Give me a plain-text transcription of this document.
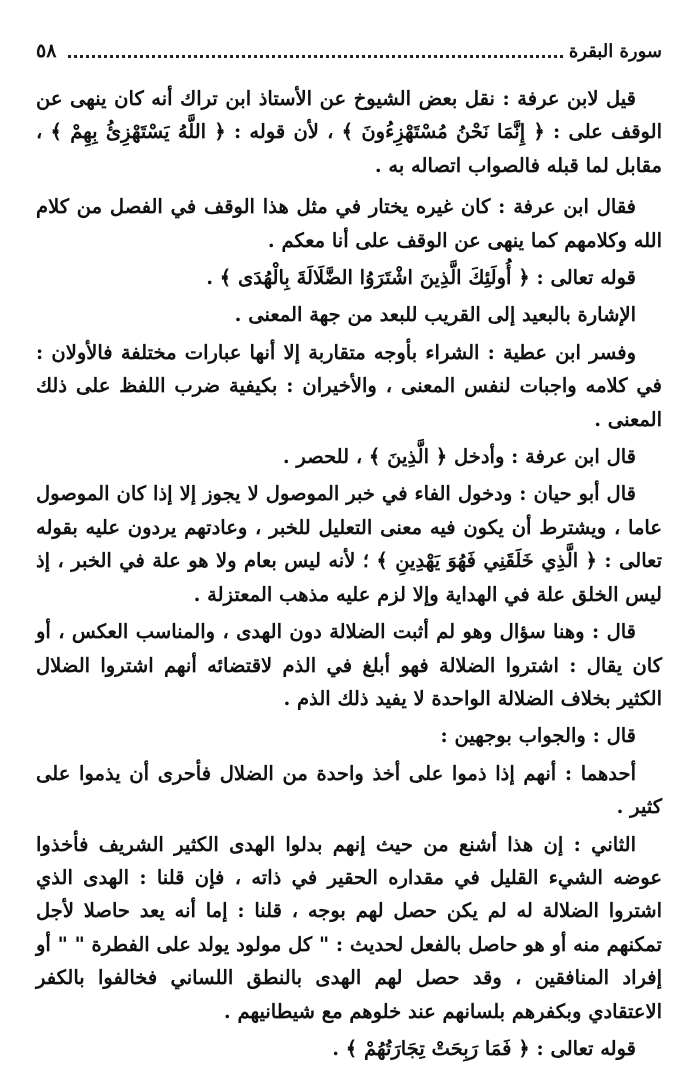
٥٨	سورة البقرة

قيل لابن عرفة : نقل بعض الشيوخ عن الأستاذ ابن تراك أنه كان ينهى عن الوقف على : ﴿ إِنَّمَا نَحْنُ مُسْتَهْزِءُونَ ﴾ ، لأن قوله : ﴿ اللَّهُ يَسْتَهْزِئُ بِهِمْ ﴾ ، مقابل لما قبله فالصواب اتصاله به .

فقال ابن عرفة : كان غيره يختار في مثل هذا الوقف في الفصل من كلام الله وكلامهم كما ينهى عن الوقف على أنا معكم .

قوله تعالى : ﴿ أُولَئِكَ الَّذِينَ اشْتَرَوُا الضَّلَالَةَ بِالْهُدَى ﴾ .

الإشارة بالبعيد إلى القريب للبعد من جهة المعنى .

وفسر ابن عطية : الشراء بأوجه متقاربة إلا أنها عبارات مختلفة فالأولان : في كلامه واجبات لنفس المعنى ، والأخيران : بكيفية ضرب اللفظ على ذلك المعنى .

قال ابن عرفة : وأدخل ﴿ الَّذِينَ ﴾ ، للحصر .

قال أبو حيان : ودخول الفاء في خبر الموصول لا يجوز إلا إذا كان الموصول عاما ، ويشترط أن يكون فيه معنى التعليل للخبر ، وعادتهم يردون عليه بقوله تعالى : ﴿ الَّذِي خَلَقَنِي فَهُوَ يَهْدِينِ ﴾ ؛ لأنه ليس بعام ولا هو علة في الخبر ، إذ ليس الخلق علة في الهداية وإلا لزم عليه مذهب المعتزلة .

قال : وهنا سؤال وهو لم أثبت الضلالة دون الهدى ، والمناسب العكس ، أو كان يقال : اشتروا الضلالة فهو أبلغ في الذم لاقتضائه أنهم اشتروا الضلال الكثير بخلاف الضلالة الواحدة لا يفيد ذلك الذم .

قال : والجواب بوجهين :

أحدهما : أنهم إذا ذموا على أخذ واحدة من الضلال فأحرى أن يذموا على كثير .

الثاني : إن هذا أشنع من حيث إنهم بدلوا الهدى الكثير الشريف فأخذوا عوضه الشيء القليل في مقداره الحقير في ذاته ، فإن قلنا : الهدى الذي اشتروا الضلالة له لم يكن حصل لهم بوجه ، قلنا : إما أنه يعد حاصلا لأجل تمكنهم منه أو هو حاصل بالفعل لحديث : " كل مولود يولد على الفطرة " " أو إفراد المنافقين ، وقد حصل لهم الهدى بالنطق اللساني فخالفوا بالكفر الاعتقادي وبكفرهم بلسانهم عند خلوهم مع شيطانيهم .

قوله تعالى : ﴿ فَمَا رَبِحَتْ تِجَارَتُهُمْ ﴾ .
